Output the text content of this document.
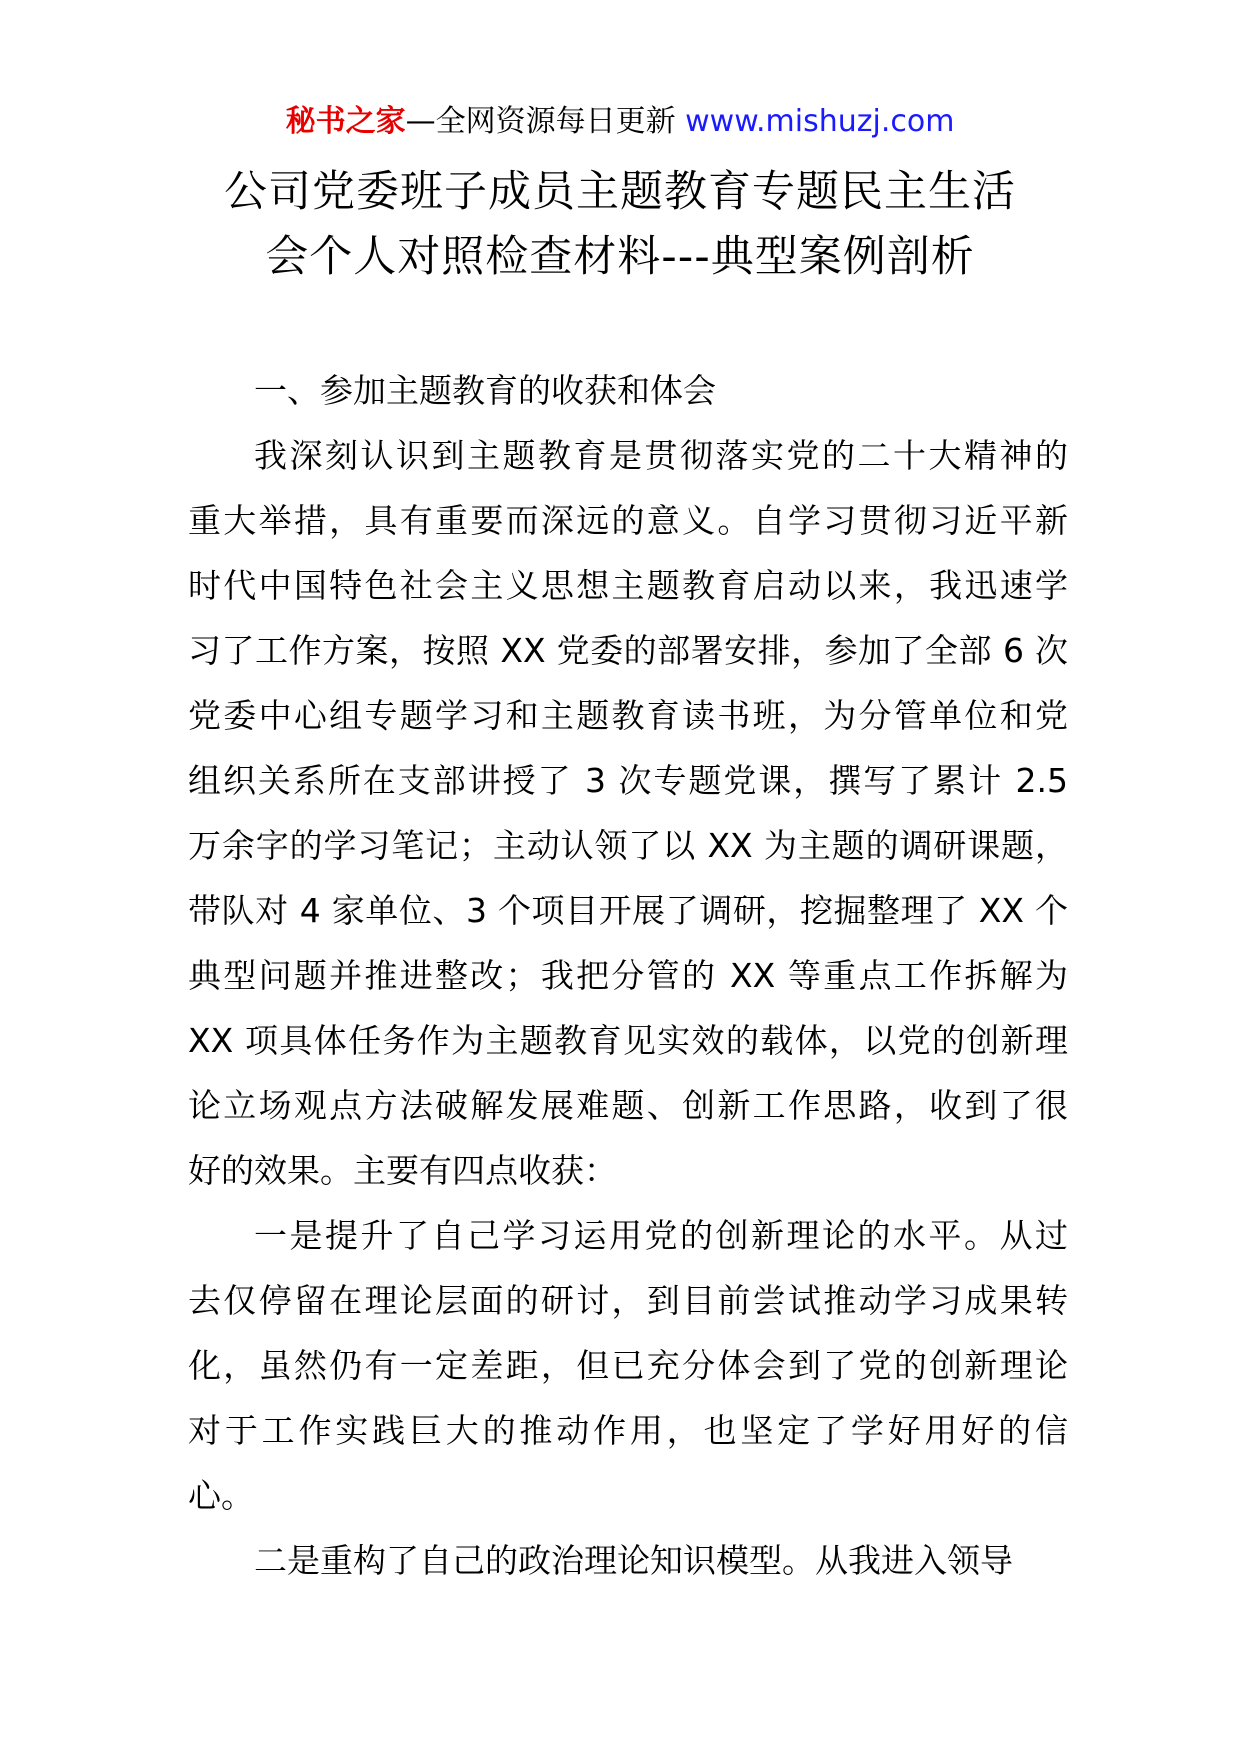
秘书之家—全网资源每日更新 www.mishuzj.com
公司党委班子成员主题教育专题民主生活
会个人对照检查材料---典型案例剖析
一、参加主题教育的收获和体会
我深刻认识到主题教育是贯彻落实党的二十大精神的
重大举措，具有重要而深远的意义。自学习贯彻习近平新
时代中国特色社会主义思想主题教育启动以来，我迅速学
习了工作方案，按照 XX 党委的部署安排，参加了全部 6 次
党委中心组专题学习和主题教育读书班，为分管单位和党
组织关系所在支部讲授了 3 次专题党课，撰写了累计 2.5
万余字的学习笔记；主动认领了以 XX 为主题的调研课题，
带队对 4 家单位、3 个项目开展了调研，挖掘整理了 XX 个
典型问题并推进整改；我把分管的 XX 等重点工作拆解为
XX 项具体任务作为主题教育见实效的载体，以党的创新理
论立场观点方法破解发展难题、创新工作思路，收到了很
好的效果。主要有四点收获：
一是提升了自己学习运用党的创新理论的水平。从过
去仅停留在理论层面的研讨，到目前尝试推动学习成果转
化，虽然仍有一定差距，但已充分体会到了党的创新理论
对于工作实践巨大的推动作用，也坚定了学好用好的信
心。
二是重构了自己的政治理论知识模型。从我进入领导
